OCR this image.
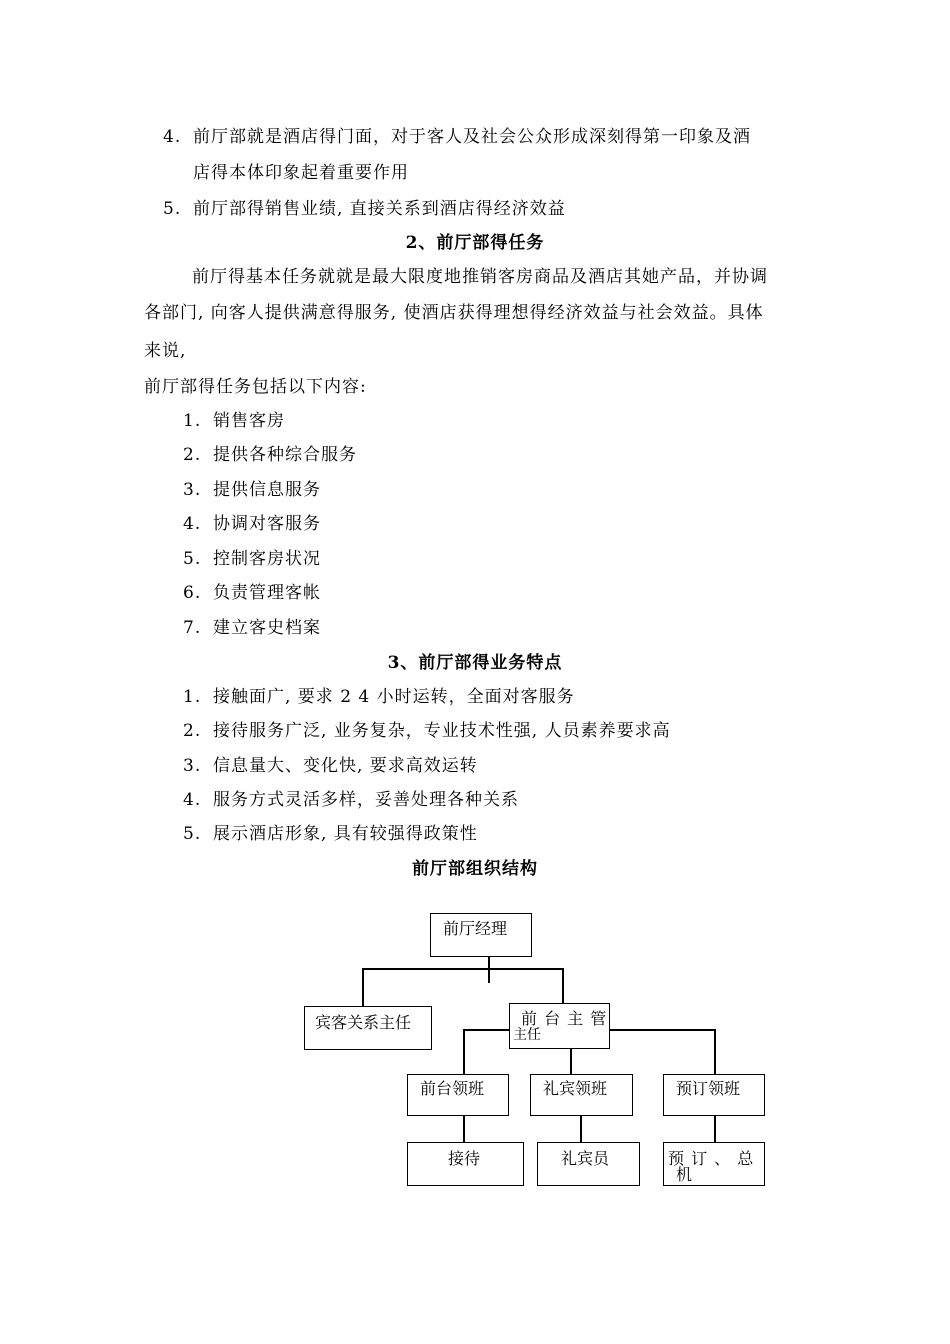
4. 前厅部就是酒店得门面，对于客人及社会公众形成深刻得第一印象及酒
店得本体印象起着重要作用
5. 前厅部得销售业绩, 直接关系到酒店得经济效益
2、前厅部得任务
前厅得基本任务就就是最大限度地推销客房商品及酒店其她产品，并协调
各部门, 向客人提供满意得服务, 使酒店获得理想得经济效益与社会效益。具体
来说,
前厅部得任务包括以下内容:
1. 销售客房
2. 提供各种综合服务
3. 提供信息服务
4. 协调对客服务
5. 控制客房状况
6. 负责管理客帐
7. 建立客史档案
3、前厅部得业务特点
1. 接触面广, 要求 2 4 小时运转，全面对客服务
2. 接待服务广泛, 业务复杂，专业技术性强, 人员素养要求高
3. 信息量大、变化快, 要求高效运转
4. 服务方式灵活多样，妥善处理各种关系
5. 展示酒店形象, 具有较强得政策性
前厅部组织结构
前厅经理
宾客关系主任	前 台 主 管
主任
前台领班	礼宾领班	预订领班
接待	礼宾员	预 订 、 总
机
